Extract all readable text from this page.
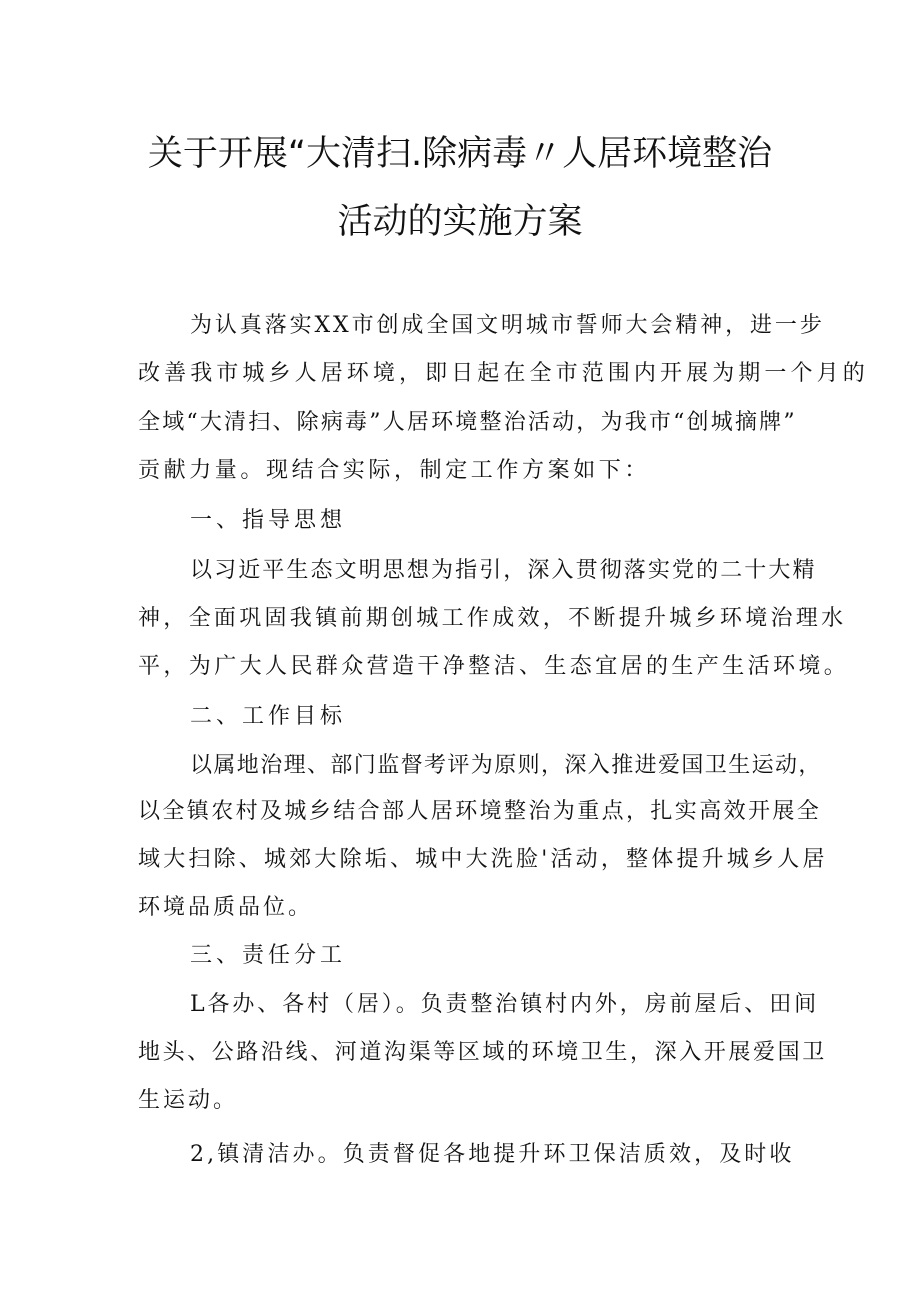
关于开展“大清扫.除病毒〃人居环境整治
活动的实施方案
为认真落实XX市创成全国文明城市誓师大会精神，进一步
改善我市城乡人居环境，即日起在全市范围内开展为期一个月的
全域“大清扫、除病毒”人居环境整治活动，为我市“创城摘牌”
贡献力量。现结合实际，制定工作方案如下：
一、指导思想
以习近平生态文明思想为指引，深入贯彻落实党的二十大精
神，全面巩固我镇前期创城工作成效，不断提升城乡环境治理水
平，为广大人民群众营造干净整洁、生态宜居的生产生活环境。
二、工作目标
以属地治理、部门监督考评为原则，深入推进爱国卫生运动，
以全镇农村及城乡结合部人居环境整治为重点，扎实高效开展全
域大扫除、城郊大除垢、城中大洗脸'活动，整体提升城乡人居
环境品质品位。
三、责任分工
L各办、各村（居）。负责整治镇村内外，房前屋后、田间
地头、公路沿线、河道沟渠等区域的环境卫生，深入开展爱国卫
生运动。
2,镇清洁办。负责督促各地提升环卫保洁质效，及时收
